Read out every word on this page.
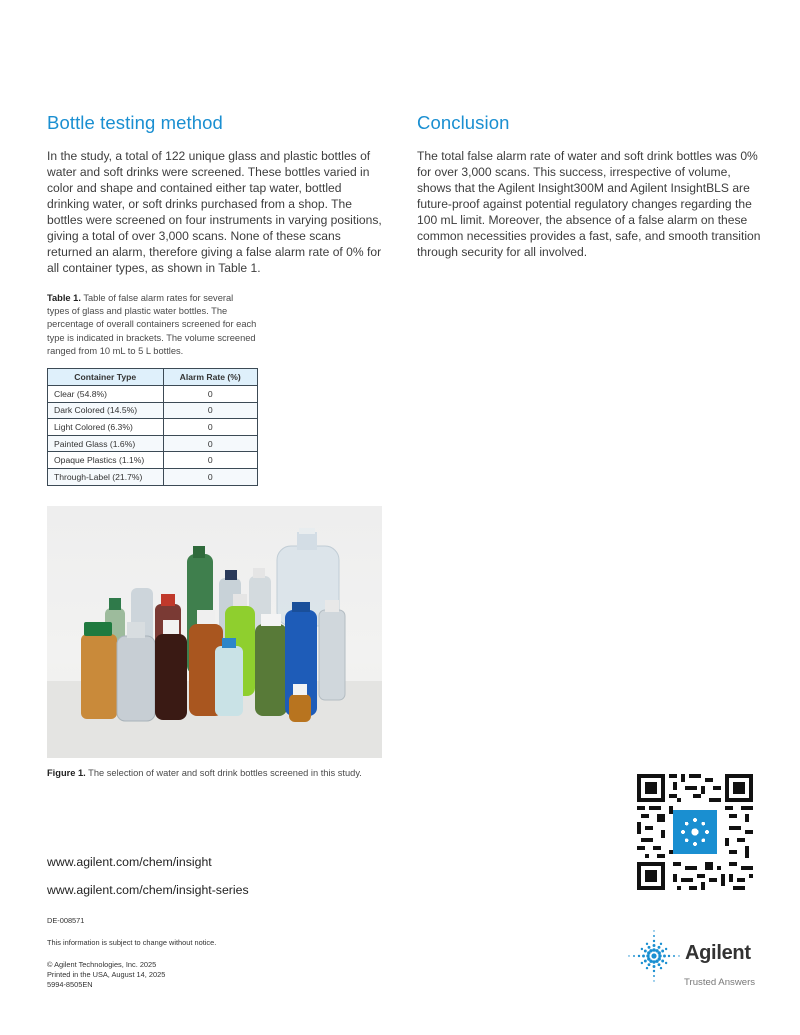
Bottle testing method

In the study, a total of 122 unique glass and plastic bottles of water and soft drinks were screened. These bottles varied in color and shape and contained either tap water, bottled drinking water, or soft drinks purchased from a shop. The bottles were screened on four instruments in varying positions, giving a total of over 3,000 scans. None of these scans returned an alarm, therefore giving a false alarm rate of 0% for all container types, as shown in Table 1.

Conclusion

The total false alarm rate of water and soft drink bottles was 0% for over 3,000 scans. This success, irrespective of volume, shows that the Agilent Insight300M and Agilent InsightBLS are future-proof against potential regulatory changes regarding the 100 mL limit. Moreover, the absence of a false alarm on these common necessities provides a fast, safe, and smooth transition through security for all involved.

Table 1. Table of false alarm rates for several types of glass and plastic water bottles. The percentage of overall containers screened for each type is indicated in brackets. The volume screened ranged from 10 mL to 5 L bottles.

Container Type	Alarm Rate (%)
Clear (54.8%)	0
Dark Colored (14.5%)	0
Light Colored (6.3%)	0
Painted Glass (1.6%)	0
Opaque Plastics (1.1%)	0
Through-Label (21.7%)	0

Figure 1. The selection of water and soft drink bottles screened in this study.

www.agilent.com/chem/insight
www.agilent.com/chem/insight-series
DE-008571
This information is subject to change without notice.
© Agilent Technologies, Inc. 2025
Printed in the USA, August 14, 2025
5994-8505EN
Agilent
Trusted Answers
